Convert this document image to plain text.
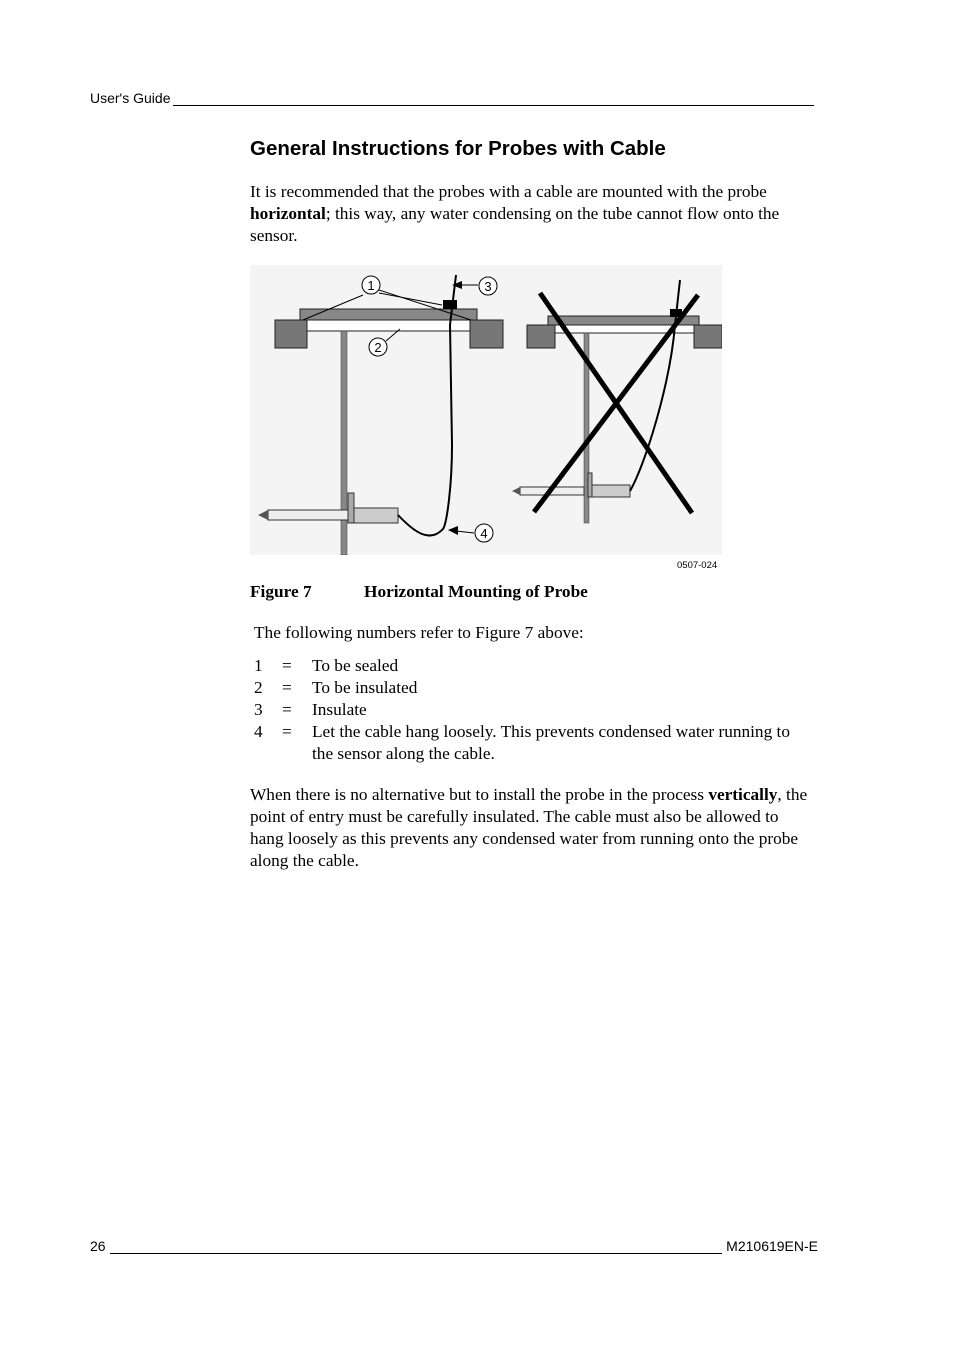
User's Guide
General Instructions for Probes with Cable
It is recommended that the probes with a cable are mounted with the probe horizontal; this way, any water condensing on the tube cannot flow onto the sensor.
1
2
3
4
0507-024
Figure 7	Horizontal Mounting of Probe
The following numbers refer to Figure 7 above:
1 = To be sealed
2 = To be insulated
3 = Insulate
4 = Let the cable hang loosely. This prevents condensed water running to the sensor along the cable.
When there is no alternative but to install the probe in the process vertically, the point of entry must be carefully insulated. The cable must also be allowed to hang loosely as this prevents any condensed water from running onto the probe along the cable.
26	M210619EN-E
